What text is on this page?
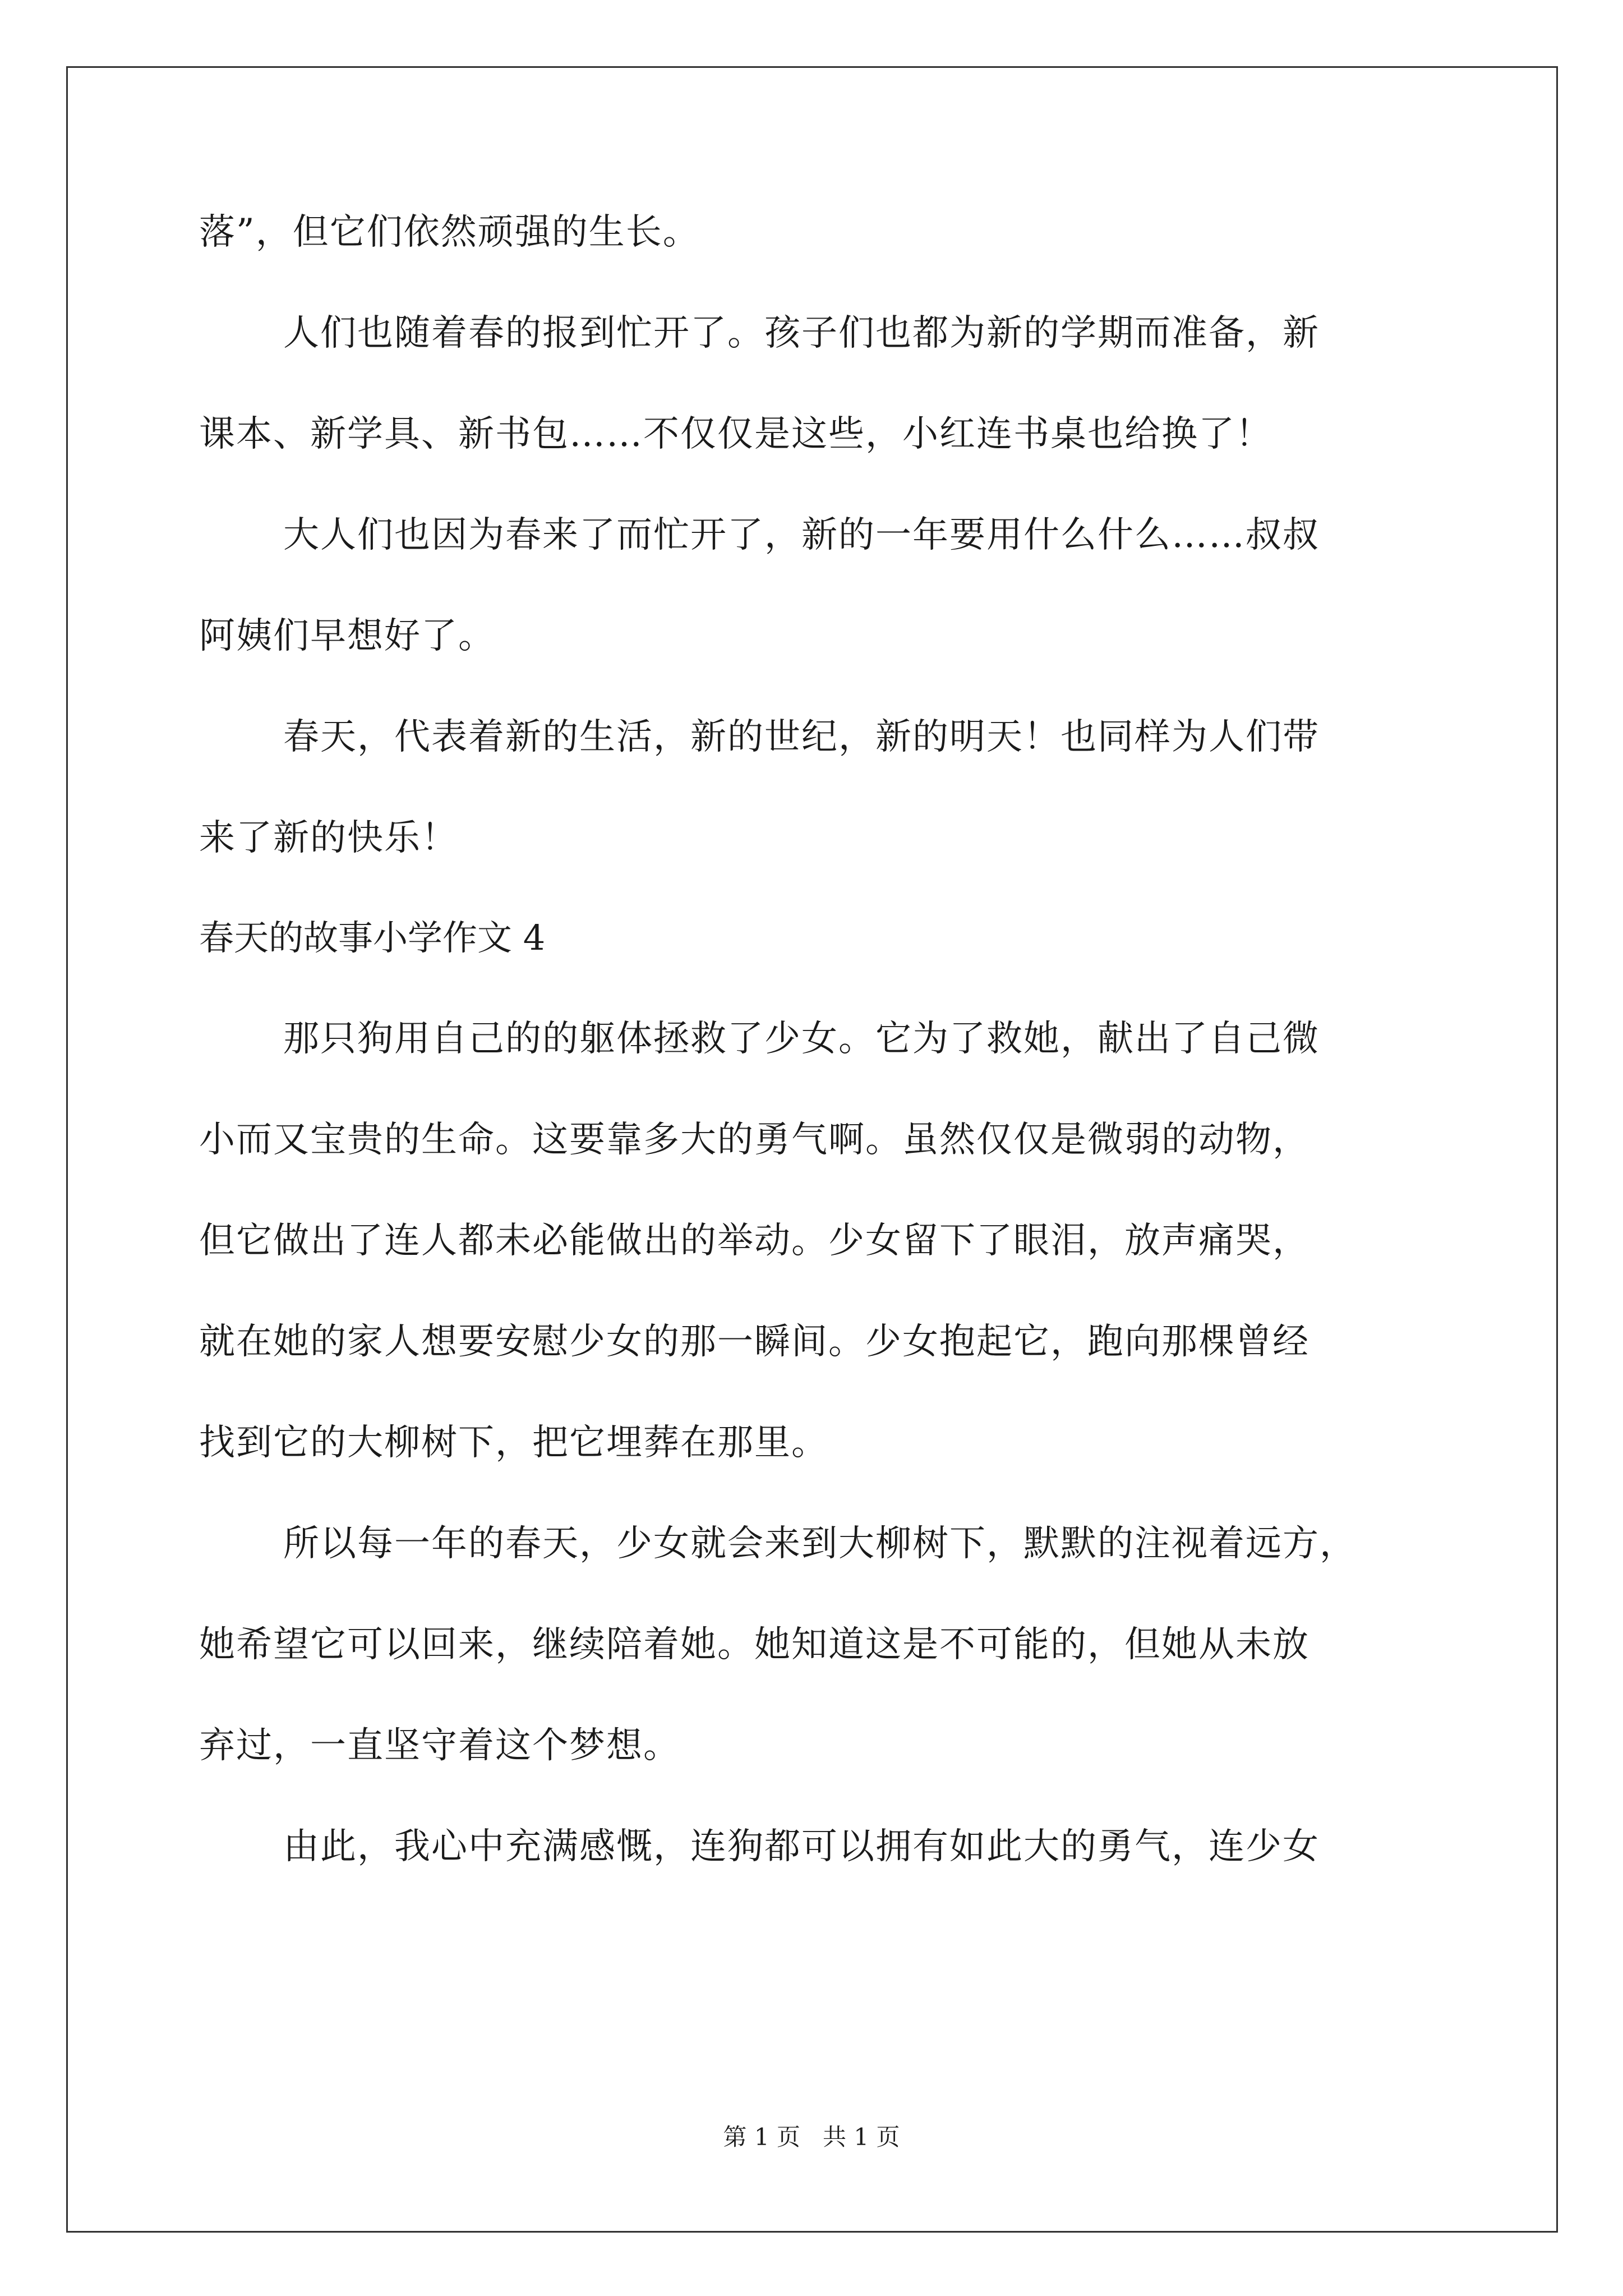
落”，但它们依然顽强的生长。
人们也随着春的报到忙开了。孩子们也都为新的学期而准备，新
课本、新学具、新书包……不仅仅是这些，小红连书桌也给换了！
大人们也因为春来了而忙开了，新的一年要用什么什么……叔叔
阿姨们早想好了。
春天，代表着新的生活，新的世纪，新的明天！也同样为人们带
来了新的快乐！
春天的故事小学作文 4
那只狗用自己的的躯体拯救了少女。它为了救她，献出了自己微
小而又宝贵的生命。这要靠多大的勇气啊。虽然仅仅是微弱的动物，
但它做出了连人都未必能做出的举动。少女留下了眼泪，放声痛哭，
就在她的家人想要安慰少女的那一瞬间。少女抱起它，跑向那棵曾经
找到它的大柳树下，把它埋葬在那里。
所以每一年的春天，少女就会来到大柳树下，默默的注视着远方，
她希望它可以回来，继续陪着她。她知道这是不可能的，但她从未放
弃过，一直坚守着这个梦想。
由此，我心中充满感慨，连狗都可以拥有如此大的勇气，连少女
第 1 页   共 1 页
